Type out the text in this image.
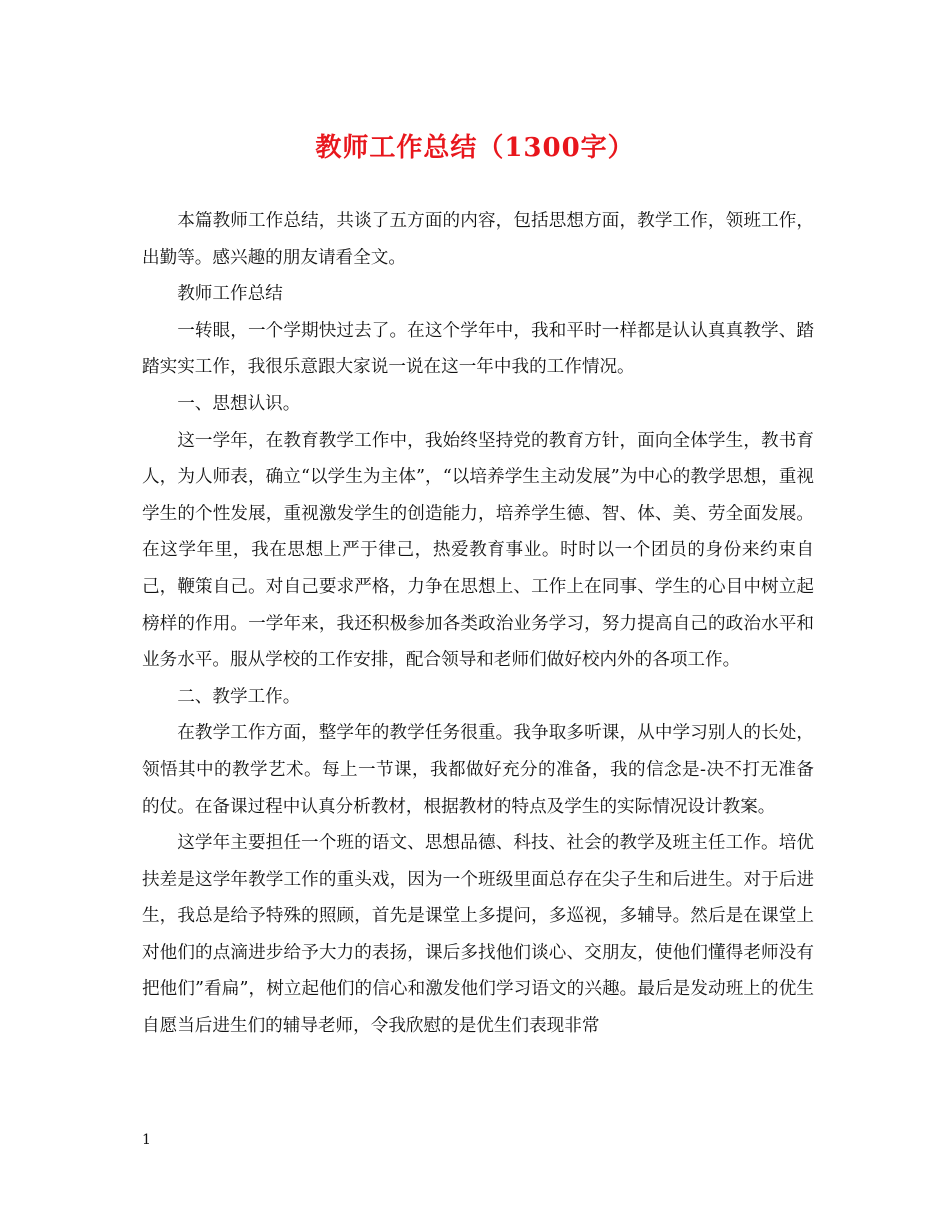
教师工作总结（1300字）

本篇教师工作总结，共谈了五方面的内容，包括思想方面，教学工作，领班工作，出勤等。感兴趣的朋友请看全文。

教师工作总结

一转眼，一个学期快过去了。在这个学年中，我和平时一样都是认认真真教学、踏踏实实工作，我很乐意跟大家说一说在这一年中我的工作情况。

一、思想认识。

这一学年，在教育教学工作中，我始终坚持党的教育方针，面向全体学生，教书育人，为人师表，确立“以学生为主体”，“以培养学生主动发展”为中心的教学思想，重视学生的个性发展，重视激发学生的创造能力，培养学生德、智、体、美、劳全面发展。在这学年里，我在思想上严于律己，热爱教育事业。时时以一个团员的身份来约束自己，鞭策自己。对自己要求严格，力争在思想上、工作上在同事、学生的心目中树立起榜样的作用。一学年来，我还积极参加各类政治业务学习，努力提高自己的政治水平和业务水平。服从学校的工作安排，配合领导和老师们做好校内外的各项工作。

二、教学工作。

在教学工作方面，整学年的教学任务很重。我争取多听课，从中学习别人的长处，领悟其中的教学艺术。每上一节课，我都做好充分的准备，我的信念是-决不打无准备的仗。在备课过程中认真分析教材，根据教材的特点及学生的实际情况设计教案。

这学年主要担任一个班的语文、思想品德、科技、社会的教学及班主任工作。培优扶差是这学年教学工作的重头戏，因为一个班级里面总存在尖子生和后进生。对于后进生，我总是给予特殊的照顾，首先是课堂上多提问，多巡视，多辅导。然后是在课堂上对他们的点滴进步给予大力的表扬，课后多找他们谈心、交朋友，使他们懂得老师没有把他们”看扁”，树立起他们的信心和激发他们学习语文的兴趣。最后是发动班上的优生自愿当后进生们的辅导老师，令我欣慰的是优生们表现非常

1
